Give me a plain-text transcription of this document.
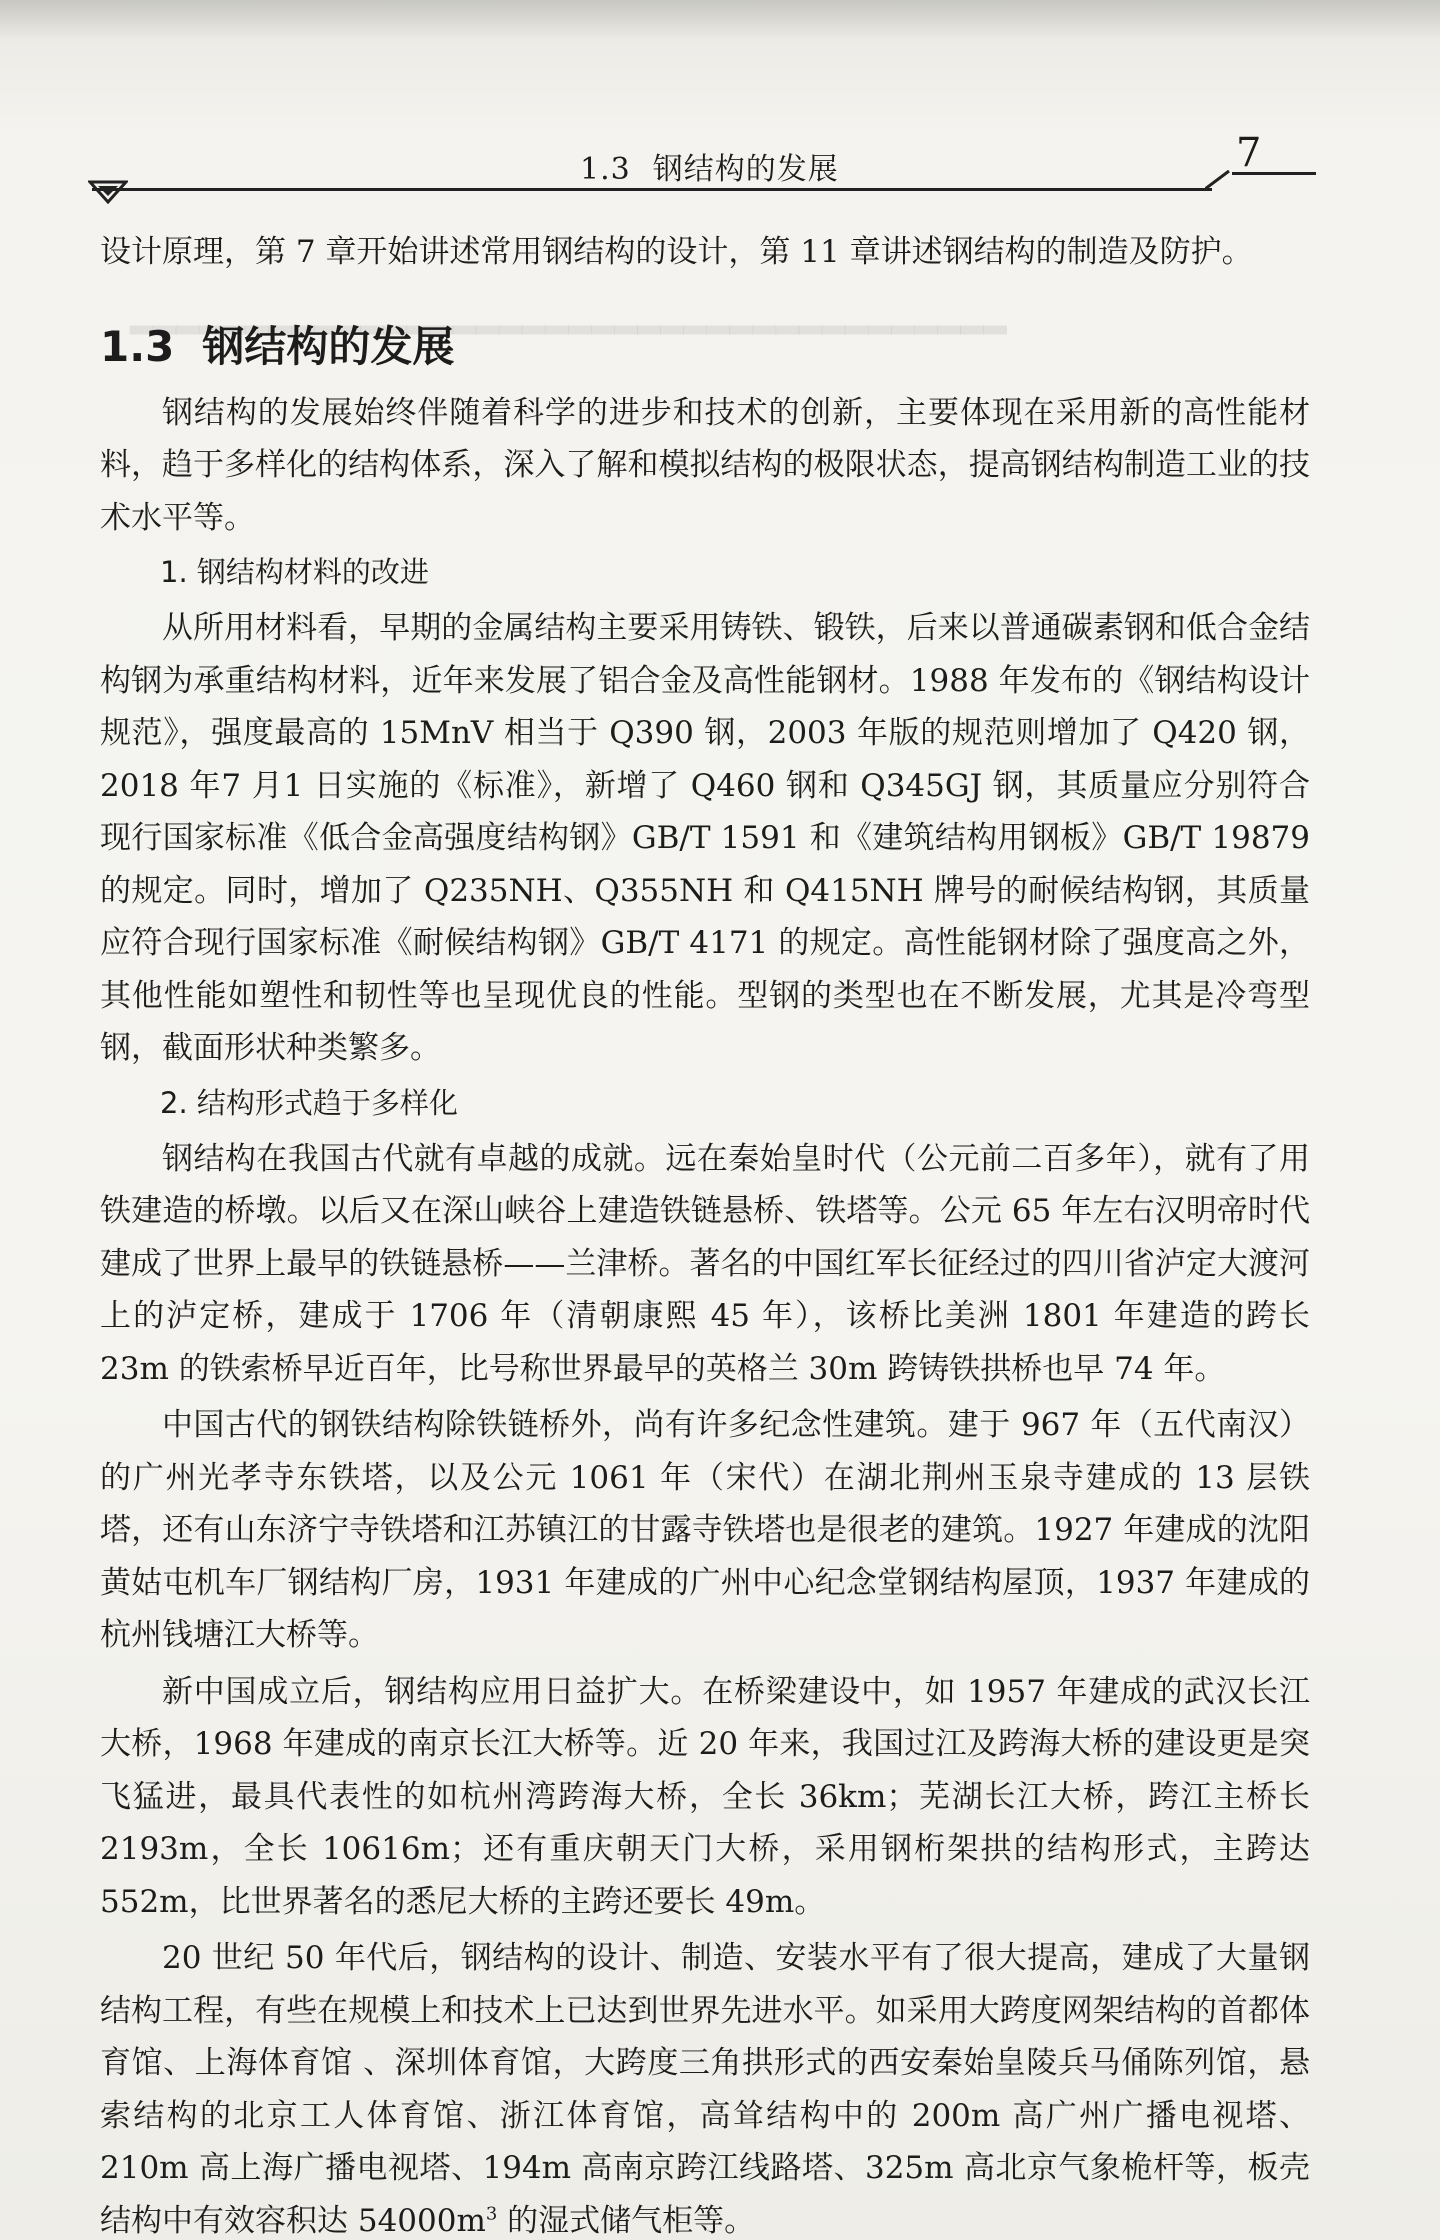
▂▂▂▂▂▂▂▂▂▂▂▂▂▂▂▂▂▂▂▂▂▂▂▂▂▂▂▂▂▂▂▂▂▂▂▂▂▂
1.3 钢结构的发展	7

设计原理，第 7 章开始讲述常用钢结构的设计，第 11 章讲述钢结构的制造及防护。

1.3 钢结构的发展

钢结构的发展始终伴随着科学的进步和技术的创新，主要体现在采用新的高性能材料，趋于多样化的结构体系，深入了解和模拟结构的极限状态，提高钢结构制造工业的技术水平等。

1. 钢结构材料的改进

从所用材料看，早期的金属结构主要采用铸铁、锻铁，后来以普通碳素钢和低合金结构钢为承重结构材料，近年来发展了铝合金及高性能钢材。1988 年发布的《钢结构设计规范》，强度最高的 15MnV 相当于 Q390 钢，2003 年版的规范则增加了 Q420 钢，2018 年7 月1 日实施的《标准》，新增了 Q460 钢和 Q345GJ 钢，其质量应分别符合现行国家标准《低合金高强度结构钢》GB/T 1591 和《建筑结构用钢板》GB/T 19879 的规定。同时，增加了 Q235NH、Q355NH 和 Q415NH 牌号的耐候结构钢，其质量应符合现行国家标准《耐候结构钢》GB/T 4171 的规定。高性能钢材除了强度高之外，其他性能如塑性和韧性等也呈现优良的性能。型钢的类型也在不断发展，尤其是冷弯型钢，截面形状种类繁多。

2. 结构形式趋于多样化

钢结构在我国古代就有卓越的成就。远在秦始皇时代（公元前二百多年），就有了用铁建造的桥墩。以后又在深山峡谷上建造铁链悬桥、铁塔等。公元 65 年左右汉明帝时代建成了世界上最早的铁链悬桥——兰津桥。著名的中国红军长征经过的四川省泸定大渡河上的泸定桥，建成于 1706 年（清朝康熙 45 年），该桥比美洲 1801 年建造的跨长 23m 的铁索桥早近百年，比号称世界最早的英格兰 30m 跨铸铁拱桥也早 74 年。

中国古代的钢铁结构除铁链桥外，尚有许多纪念性建筑。建于 967 年（五代南汉）的广州光孝寺东铁塔，以及公元 1061 年（宋代）在湖北荆州玉泉寺建成的 13 层铁塔，还有山东济宁寺铁塔和江苏镇江的甘露寺铁塔也是很老的建筑。1927 年建成的沈阳黄姑屯机车厂钢结构厂房，1931 年建成的广州中心纪念堂钢结构屋顶，1937 年建成的杭州钱塘江大桥等。

新中国成立后，钢结构应用日益扩大。在桥梁建设中，如 1957 年建成的武汉长江大桥，1968 年建成的南京长江大桥等。近 20 年来，我国过江及跨海大桥的建设更是突飞猛进，最具代表性的如杭州湾跨海大桥，全长 36km；芜湖长江大桥，跨江主桥长 2193m，全长 10616m；还有重庆朝天门大桥，采用钢桁架拱的结构形式，主跨达 552m，比世界著名的悉尼大桥的主跨还要长 49m。

20 世纪 50 年代后，钢结构的设计、制造、安装水平有了很大提高，建成了大量钢结构工程，有些在规模上和技术上已达到世界先进水平。如采用大跨度网架结构的首都体育馆、上海体育馆 、深圳体育馆，大跨度三角拱形式的西安秦始皇陵兵马俑陈列馆，悬索结构的北京工人体育馆、浙江体育馆，高耸结构中的 200m 高广州广播电视塔、210m 高上海广播电视塔、194m 高南京跨江线路塔、325m 高北京气象桅杆等，板壳结构中有效容积达 $54000m^3$ 的湿式储气柜等。
